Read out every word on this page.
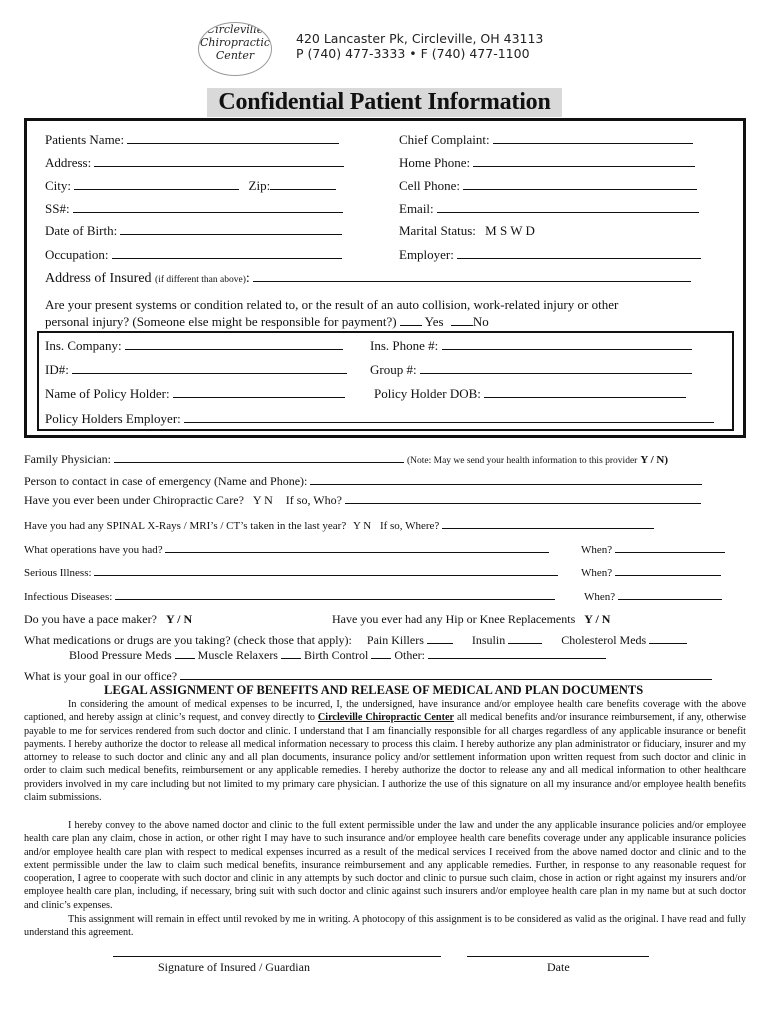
Circleville
Chiropractic
Center
420 Lancaster Pk, Circleville, OH 43113
P (740) 477-3333 • F (740) 477-1100
Confidential Patient Information
Patients Name:	Chief Complaint:
Address:	Home Phone:
City:	Zip:	Cell Phone:
SS#:	Email:
Date of Birth:	Marital Status: M S W D
Occupation:	Employer:
Address of Insured (if different than above):
Are your present systems or condition related to, or the result of an auto collision, work-related injury or other
personal injury? (Someone else might be responsible for payment?) Yes No
Ins. Company:	Ins. Phone #:
ID#:	Group #:
Name of Policy Holder:	Policy Holder DOB:
Policy Holders Employer:
Family Physician:	(Note: May we send your health information to this provider Y / N)
Person to contact in case of emergency (Name and Phone):
Have you ever been under Chiropractic Care? Y N If so, Who?
Have you had any SPINAL X-Rays / MRI’s / CT’s taken in the last year? Y N If so, Where?
What operations have you had?	When?
Serious Illness:	When?
Infectious Diseases:	When?
Do you have a pace maker? Y / N	Have you ever had any Hip or Knee Replacements Y / N
What medications or drugs are you taking? (check those that apply): Pain Killers	Insulin	Cholesterol Meds
Blood Pressure Meds Muscle Relaxers Birth Control Other:
What is your goal in our office?
LEGAL ASSIGNMENT OF BENEFITS AND RELEASE OF MEDICAL AND PLAN DOCUMENTS
In considering the amount of medical expenses to be incurred, I, the undersigned, have insurance and/or employee health care benefits coverage with the above captioned, and hereby assign at clinic’s request, and convey directly to Circleville Chiropractic Center all medical benefits and/or insurance reimbursement, if any, otherwise payable to me for services rendered from such doctor and clinic. I understand that I am financially responsible for all charges regardless of any applicable insurance or benefit payments. I hereby authorize the doctor to release all medical information necessary to process this claim. I hereby authorize any plan administrator or fiduciary, insurer and my attorney to release to such doctor and clinic any and all plan documents, insurance policy and/or settlement information upon written request from such doctor and clinic in order to claim such medical benefits, reimbursement or any applicable remedies. I hereby authorize the doctor to release any and all medical information to other healthcare providers involved in my care including but not limited to my primary care physician. I authorize the use of this signature on all my insurance and/or employee health benefits claim submissions.
I hereby convey to the above named doctor and clinic to the full extent permissible under the law and under the any applicable insurance policies and/or employee health care plan any claim, chose in action, or other right I may have to such insurance and/or employee health care benefits coverage under any applicable insurance policies and/or employee health care plan with respect to medical expenses incurred as a result of the medical services I received from the above named doctor and clinic and to the extent permissible under the law to claim such medical benefits, insurance reimbursement and any applicable remedies. Further, in response to any reasonable request for cooperation, I agree to cooperate with such doctor and clinic in any attempts by such doctor and clinic to pursue such claim, chose in action or right against my insurers and/or employee health care plan, including, if necessary, bring suit with such doctor and clinic against such insurers and/or employee health care plan in my name but at such doctor and clinic’s expenses.
This assignment will remain in effect until revoked by me in writing. A photocopy of this assignment is to be considered as valid as the original. I have read and fully understand this agreement.
Signature of Insured / Guardian	Date
